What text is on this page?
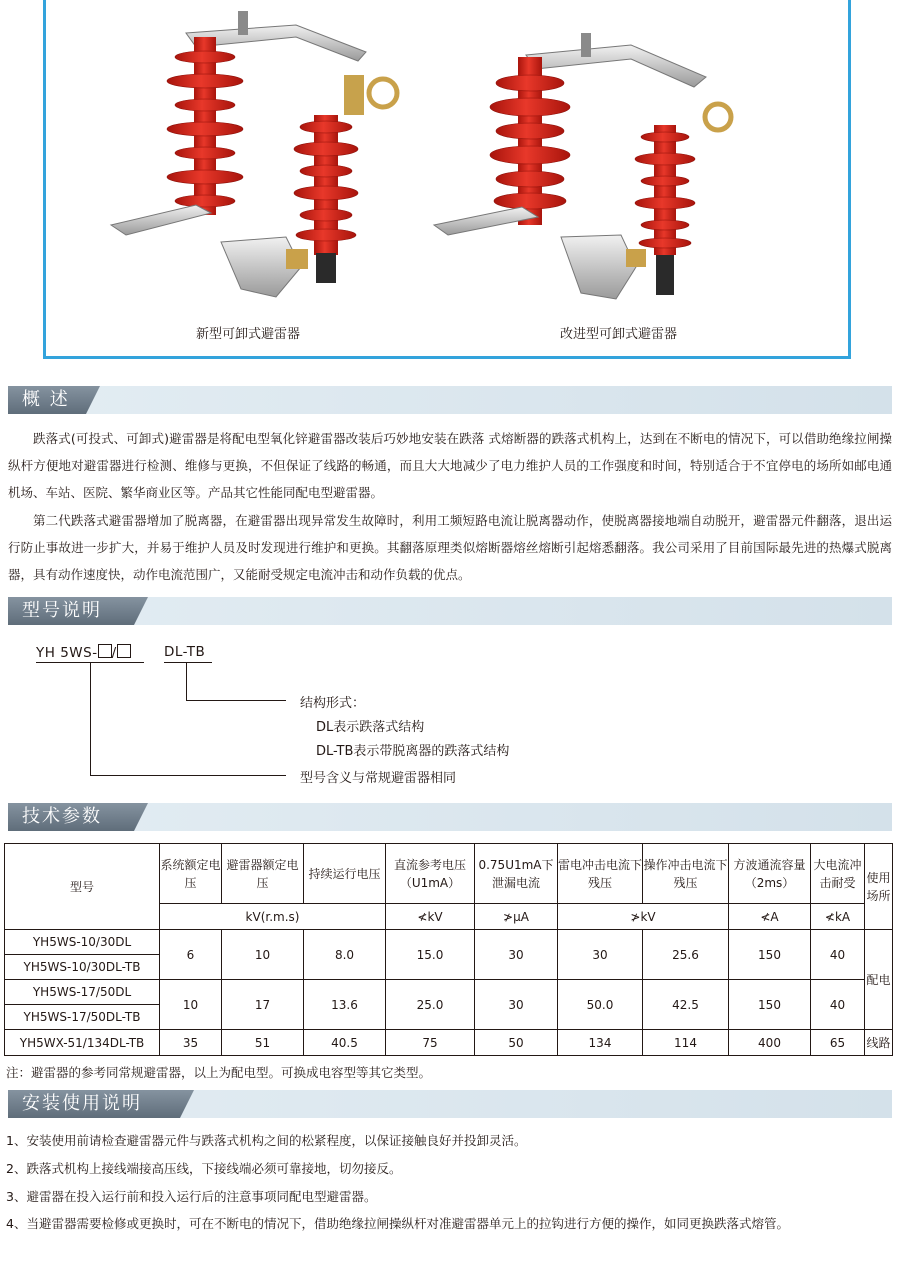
新型可卸式避雷器	改进型可卸式避雷器
概 述

跌落式(可投式、可卸式)避雷器是将配电型氧化锌避雷器改装后巧妙地安装在跌落 式熔断器的跌落式机构上，达到在不断电的情况下，可以借助绝缘拉闸操纵杆方便地对避雷器进行检测、维修与更换，不但保证了线路的畅通，而且大大地减少了电力维护人员的工作强度和时间，特别适合于不宜停电的场所如邮电通机场、车站、医院、繁华商业区等。产品其它性能同配电型避雷器。

第二代跌落式避雷器增加了脱离器，在避雷器出现异常发生故障时，利用工频短路电流让脱离器动作，使脱离器接地端自动脱开，避雷器元件翻落，退出运行防止事故进一步扩大，并易于维护人员及时发现进行维护和更换。其翻落原理类似熔断器熔丝熔断引起熔悉翻落。我公司采用了目前国际最先进的热爆式脱离器，具有动作速度快，动作电流范围广，又能耐受规定电流冲击和动作负载的优点。

型号说明
YH 5WS- /	DL-TB
结构形式：
DL表示跌落式结构
DL-TB表示带脱离器的跌落式结构
型号含义与常规避雷器相同
技术参数
型号	系统额定电压	避雷器额定电压	持续运行电压	直流参考电压（U1mA）	0.75U1mA下泄漏电流	雷电冲击电流下残压	操作冲击电流下残压	方波通流容量（2ms）	大电流冲击耐受	使用场所
	kV(r.m.s)			≮kV	≯μA	≯kV		≮A	≮kA	
YH5WS-10/30DL	6	10	8.0	15.0	30	30	25.6	150	40	配电
YH5WS-10/30DL-TB										
YH5WS-17/50DL	10	17	13.6	25.0	30	50.0	42.5	150	40	
YH5WS-17/50DL-TB										
YH5WX-51/134DL-TB	35	51	40.5	75	50	134	114	400	65	线路
注：避雷器的参考同常规避雷器，以上为配电型。可换成电容型等其它类型。
安装使用说明

1、安装使用前请检查避雷器元件与跌落式机构之间的松紧程度，以保证接触良好并投卸灵活。

2、跌落式机构上接线端接高压线，下接线端必须可靠接地，切勿接反。

3、避雷器在投入运行前和投入运行后的注意事项同配电型避雷器。

4、当避雷器需要检修或更换时，可在不断电的情况下，借助绝缘拉闸操纵杆对准避雷器单元上的拉钩进行方便的操作，如同更换跌落式熔管。
